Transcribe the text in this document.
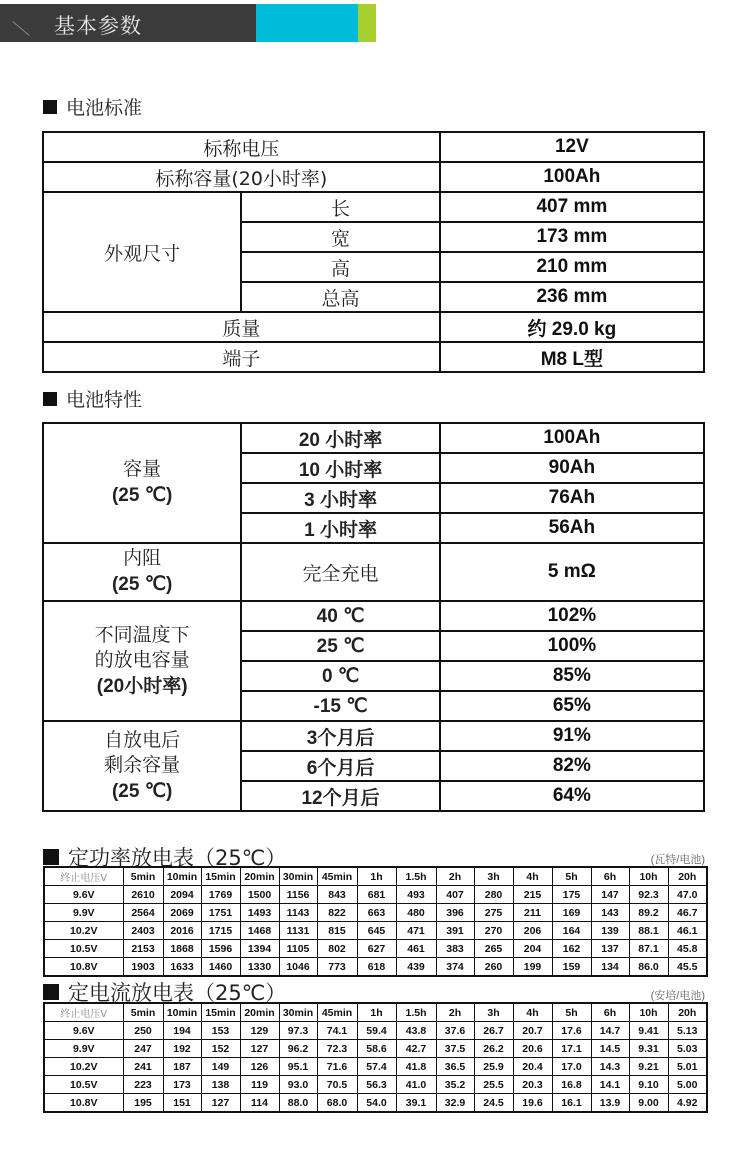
基本参数
电池标准
标称电压		12V
标称容量(20小时率)		100Ah
外观尺寸	长	407 mm
	宽	173 mm
	高	210 mm
	总高	236 mm
质量		约 29.0 kg
端子		M8 L型
电池特性
容量
(25 ℃)	20 小时率	100Ah
	10 小时率	90Ah
	3 小时率	76Ah
	1 小时率	56Ah

内阻
(25 ℃)	完全充电	5 mΩ

不同温度下
的放电容量
(20小时率)	40 ℃	102%
	25 ℃	100%
	0 ℃	85%
	-15 ℃	65%

自放电后
剩余容量
(25 ℃)	3个月后	91%
	6个月后	82%
	12个月后	64%
定功率放电表（25℃）	(瓦特/电池)
终止电压V	5min	10min	15min	20min	30min	45min	1h	1.5h	2h	3h	4h	5h	6h	10h	20h
9.6V	2610	2094	1769	1500	1156	843	681	493	407	280	215	175	147	92.3	47.0
9.9V	2564	2069	1751	1493	1143	822	663	480	396	275	211	169	143	89.2	46.7
10.2V	2403	2016	1715	1468	1131	815	645	471	391	270	206	164	139	88.1	46.1
10.5V	2153	1868	1596	1394	1105	802	627	461	383	265	204	162	137	87.1	45.8
10.8V	1903	1633	1460	1330	1046	773	618	439	374	260	199	159	134	86.0	45.5
定电流放电表（25℃）	(安培/电池)
终止电压V	5min	10min	15min	20min	30min	45min	1h	1.5h	2h	3h	4h	5h	6h	10h	20h
9.6V	250	194	153	129	97.3	74.1	59.4	43.8	37.6	26.7	20.7	17.6	14.7	9.41	5.13
9.9V	247	192	152	127	96.2	72.3	58.6	42.7	37.5	26.2	20.6	17.1	14.5	9.31	5.03
10.2V	241	187	149	126	95.1	71.6	57.4	41.8	36.5	25.9	20.4	17.0	14.3	9.21	5.01
10.5V	223	173	138	119	93.0	70.5	56.3	41.0	35.2	25.5	20.3	16.8	14.1	9.10	5.00
10.8V	195	151	127	114	88.0	68.0	54.0	39.1	32.9	24.5	19.6	16.1	13.9	9.00	4.92
